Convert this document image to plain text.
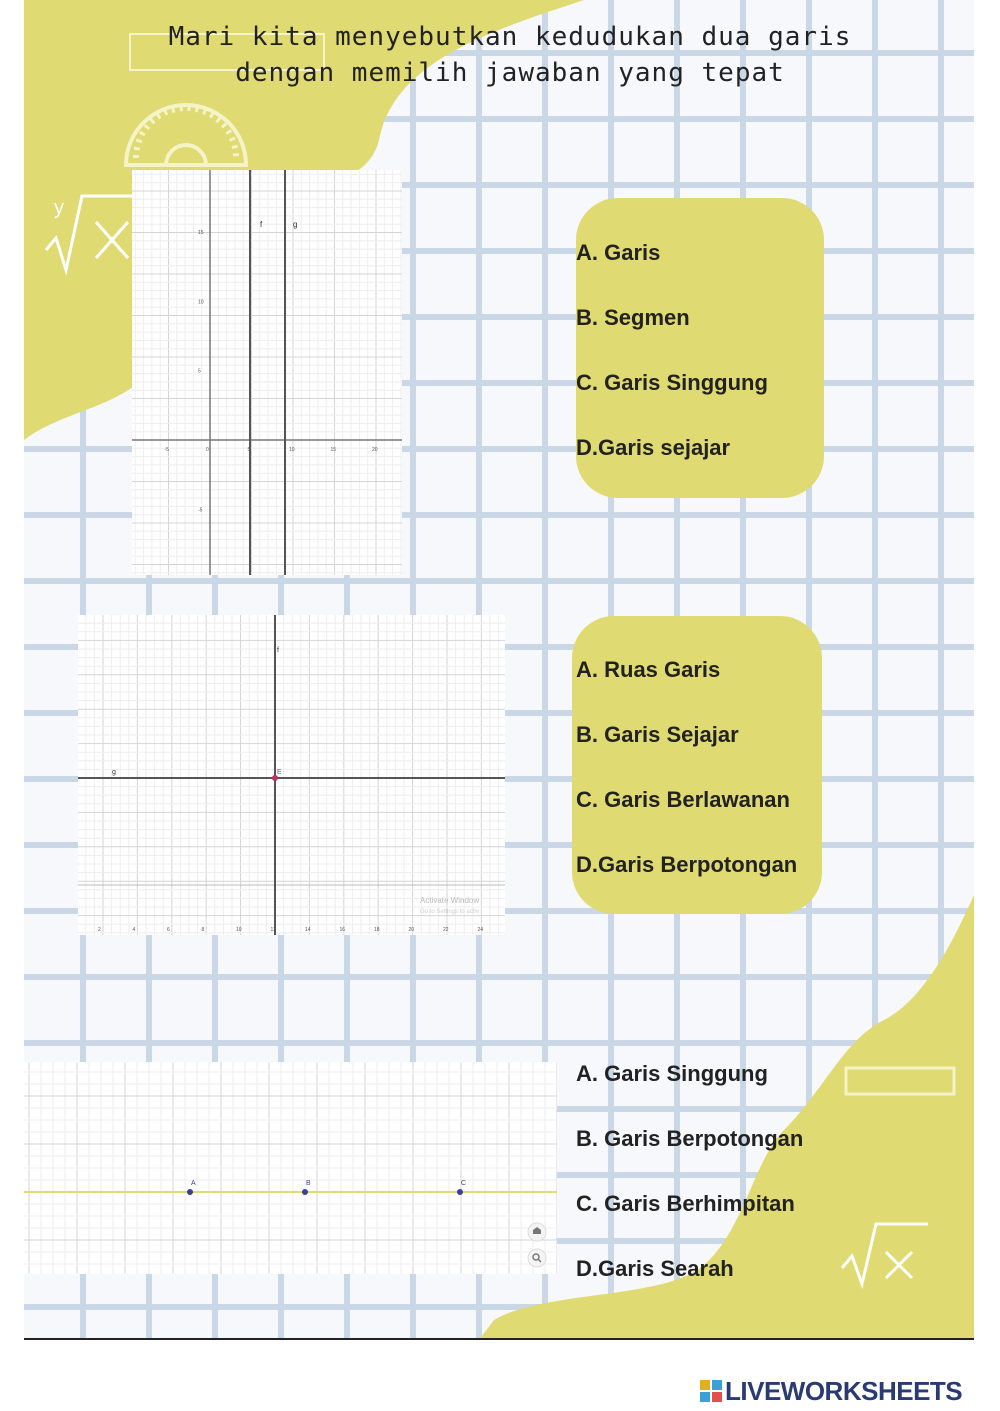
y
Mari kita menyebutkan kedudukan dua garis
dengan memilih jawaban yang tepat
f	g
-5	0	5	10	15	20
15
10
5
-5
f
g	E
2	4	6	8	10	12	14	16	18	20	22	24
Activate Window
Go to Settings to activ
A	B	C
A. Garis
B. Segmen
C. Garis Singgung
D.Garis sejajar
A. Ruas Garis
B. Garis Sejajar
C. Garis Berlawanan
D.Garis Berpotongan
A. Garis Singgung
B. Garis Berpotongan
C. Garis Berhimpitan
D.Garis Searah
LIVEWORKSHEETS
